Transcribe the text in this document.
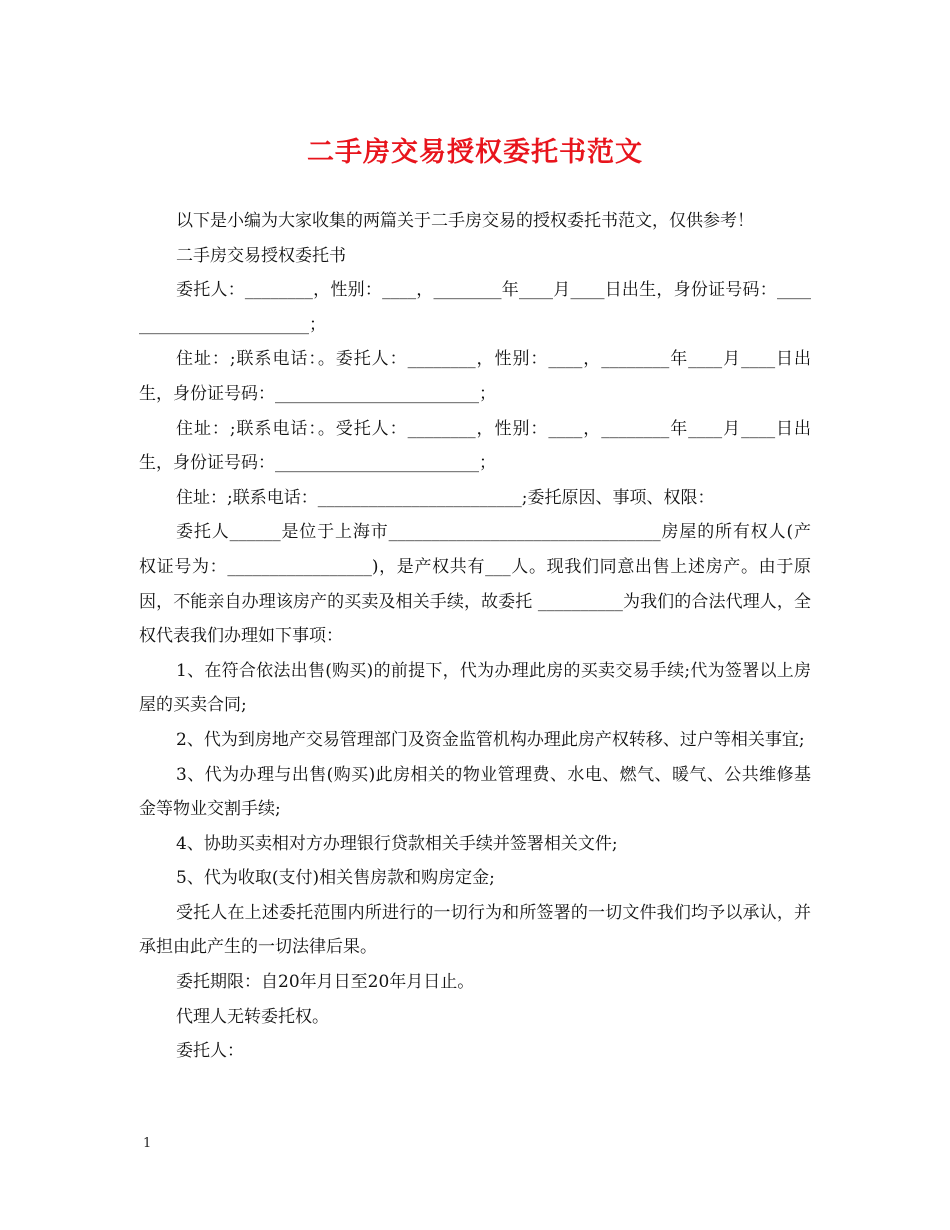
二手房交易授权委托书范文

以下是小编为大家收集的两篇关于二手房交易的授权委托书范文，仅供参考！

二手房交易授权委托书

委托人：________，性别：____，________年____月____日出生，身份证号码：________________________；

住址：;联系电话：。委托人：________，性别：____，________年____月____日出生，身份证号码：________________________；

住址：;联系电话：。受托人：________，性别：____，________年____月____日出生，身份证号码：________________________；

住址：;联系电话：________________________;委托原因、事项、权限：

委托人______是位于上海市________________________________房屋的所有权人(产权证号为：_________________)，是产权共有___人。现我们同意出售上述房产。由于原因，不能亲自办理该房产的买卖及相关手续，故委托 __________为我们的合法代理人，全权代表我们办理如下事项：

1、在符合依法出售(购买)的前提下，代为办理此房的买卖交易手续;代为签署以上房屋的买卖合同;

2、代为到房地产交易管理部门及资金监管机构办理此房产权转移、过户等相关事宜;

3、代为办理与出售(购买)此房相关的物业管理费、水电、燃气、暖气、公共维修基金等物业交割手续;

4、协助买卖相对方办理银行贷款相关手续并签署相关文件;

5、代为收取(支付)相关售房款和购房定金;

受托人在上述委托范围内所进行的一切行为和所签署的一切文件我们均予以承认，并承担由此产生的一切法律后果。

委托期限：自20年月日至20年月日止。

代理人无转委托权。

委托人：

1
